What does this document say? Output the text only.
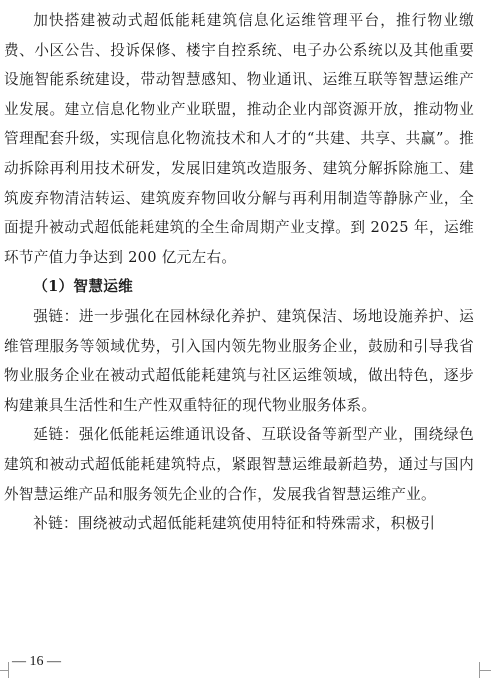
加快搭建被动式超低能耗建筑信息化运维管理平台，推行物业缴费、小区公告、投诉保修、楼宇自控系统、电子办公系统以及其他重要设施智能系统建设，带动智慧感知、物业通讯、运维互联等智慧运维产业发展。建立信息化物业产业联盟，推动企业内部资源开放，推动物业管理配套升级，实现信息化物流技术和人才的“共建、共享、共赢”。推动拆除再利用技术研发，发展旧建筑改造服务、建筑分解拆除施工、建筑废弃物清洁转运、建筑废弃物回收分解与再利用制造等静脉产业，全面提升被动式超低能耗建筑的全生命周期产业支撑。到 2025 年，运维环节产值力争达到 200 亿元左右。

（1）智慧运维

强链：进一步强化在园林绿化养护、建筑保洁、场地设施养护、运维管理服务等领域优势，引入国内领先物业服务企业，鼓励和引导我省物业服务企业在被动式超低能耗建筑与社区运维领域，做出特色，逐步构建兼具生活性和生产性双重特征的现代物业服务体系。

延链：强化低能耗运维通讯设备、互联设备等新型产业，围绕绿色建筑和被动式超低能耗建筑特点，紧跟智慧运维最新趋势，通过与国内外智慧运维产品和服务领先企业的合作，发展我省智慧运维产业。

补链：围绕被动式超低能耗建筑使用特征和特殊需求，积极引

— 16 —
